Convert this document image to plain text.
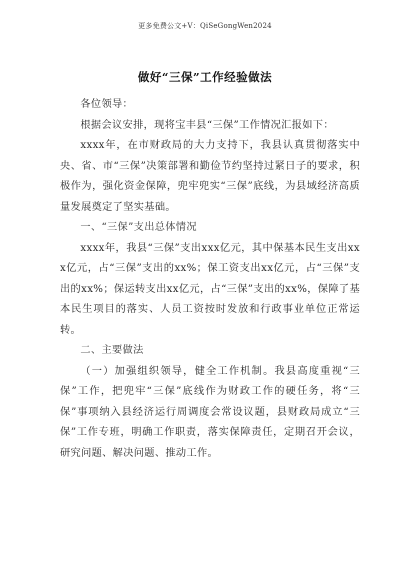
更多免费公文+V：QiSeGongWen2024
做好“三保”工作经验做法

各位领导：

根据会议安排，现将宝丰县“三保”工作情况汇报如下：

xxxx年，在市财政局的大力支持下，我县认真贯彻落实中央、省、市“三保”决策部署和勤俭节约坚持过紧日子的要求，积极作为，强化资金保障，兜牢兜实“三保”底线，为县域经济高质量发展奠定了坚实基础。

一、“三保”支出总体情况

xxxx年，我县“三保”支出xxx亿元，其中保基本民生支出xxx亿元，占“三保”支出的xx%；保工资支出xx亿元，占“三保”支出的xx%；保运转支出xx亿元，占“三保”支出的xx%，保障了基本民生项目的落实、人员工资按时发放和行政事业单位正常运转。

二、主要做法

（一）加强组织领导，健全工作机制。我县高度重视“三保”工作，把兜牢“三保”底线作为财政工作的硬任务，将“三保”事项纳入县经济运行周调度会常设议题，县财政局成立“三保”工作专班，明确工作职责，落实保障责任，定期召开会议，研究问题、解决问题、推动工作。
